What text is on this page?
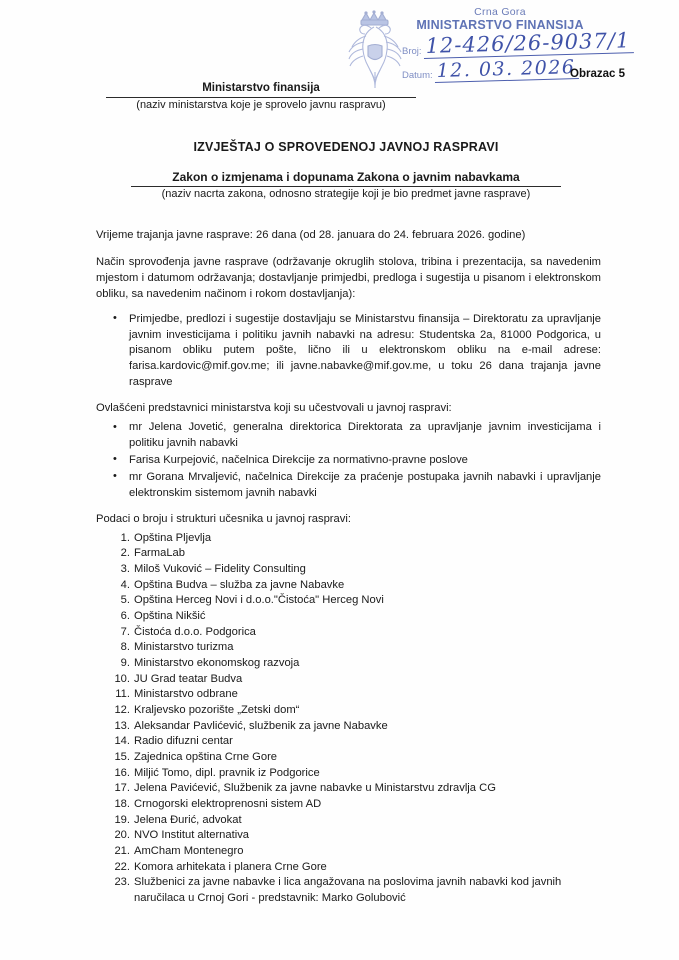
Crna Gora
MINISTARSTVO FINANSIJA
Broj: 12-426/26-9037/1
Datum: 12. 03. 2026
Obrazac 5
Ministarstvo finansija
(naziv ministarstva koje je sprovelo javnu raspravu)
IZVJEŠTAJ O SPROVEDENOJ JAVNOJ RASPRAVI
Zakon o izmjenama i dopunama Zakona o javnim nabavkama
(naziv nacrta zakona, odnosno strategije koji je bio predmet javne rasprave)

Vrijeme trajanja javne rasprave: 26 dana (od 28. januara do 24. februara 2026. godine)

Način sprovođenja javne rasprave (održavanje okruglih stolova, tribina i prezentacija, sa navedenim mjestom i datumom održavanja; dostavljanje primjedbi, predloga i sugestija u pisanom i elektronskom obliku, sa navedenim načinom i rokom dostavljanja):

• Primjedbe, predlozi i sugestije dostavljaju se Ministarstvu finansija – Direktoratu za upravljanje javnim investicijama i politiku javnih nabavki na adresu: Studentska 2a, 81000 Podgorica, u pisanom obliku putem pošte, lično ili u elektronskom obliku na e-mail adrese: farisa.kardovic@mif.gov.me; ili javne.nabavke@mif.gov.me, u toku 26 dana trajanja javne rasprave

Ovlašćeni predstavnici ministarstva koji su učestvovali u javnoj raspravi:

• mr Jelena Jovetić, generalna direktorica Direktorata za upravljanje javnim investicijama i politiku javnih nabavki
• Farisa Kurpejović, načelnica Direkcije za normativno-pravne poslove
• mr Gorana Mrvaljević, načelnica Direkcije za praćenje postupaka javnih nabavki i upravljanje elektronskim sistemom javnih nabavki

Podaci o broju i strukturi učesnika u javnoj raspravi:

Opština Pljevlja
FarmaLab
Miloš Vuković – Fidelity Consulting
Opština Budva – služba za javne Nabavke
Opština Herceg Novi i d.o.o."Čistoća" Herceg Novi
Opština Nikšić
Čistoća d.o.o. Podgorica
Ministarstvo turizma
Ministarstvo ekonomskog razvoja
JU Grad teatar Budva
Ministarstvo odbrane
Kraljevsko pozorište „Zetski dom“
Aleksandar Pavlićević, službenik za javne Nabavke
Radio difuzni centar
Zajednica opština Crne Gore
Miljić Tomo, dipl. pravnik iz Podgorice
Jelena Pavićević, Službenik za javne nabavke u Ministarstvu zdravlja CG
Crnogorski elektroprenosni sistem AD
Jelena Đurić, advokat
NVO Institut alternativa
AmCham Montenegro
Komora arhitekata i planera Crne Gore
Službenici za javne nabavke i lica angažovana na poslovima javnih nabavki kod javnih naručilaca u Crnoj Gori - predstavnik: Marko Golubović
